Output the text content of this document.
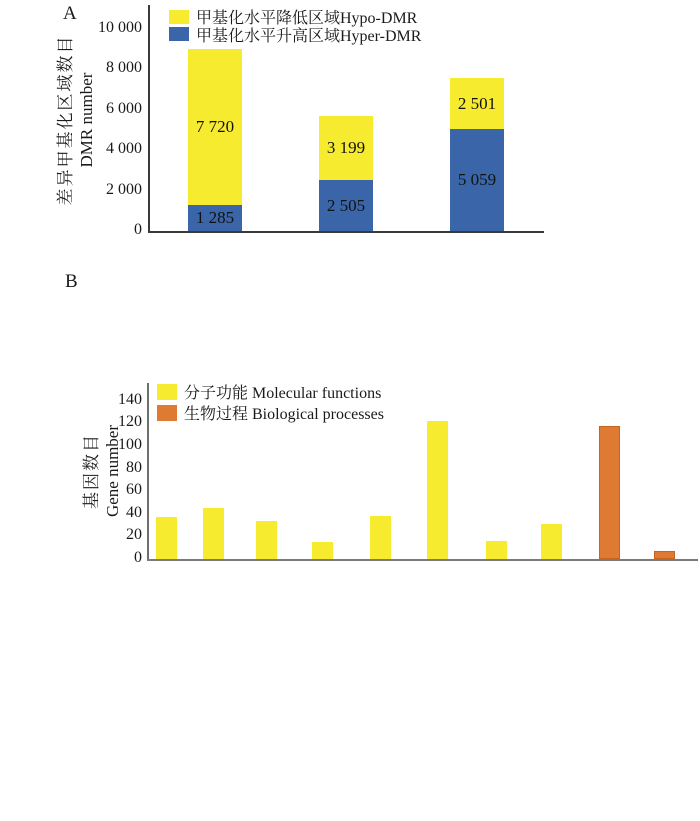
A
B
差异甲基化区域数目 DMR number
0
2 000
4 000
6 000
8 000
10 000
1 285
7 720
2 505
3 199
5 059
2 501
甲基化水平降低区域Hypo-DMR
甲基化水平升高区域Hyper-DMR
基因数目 Gene number
0
20
40
60
80
100
120
140	分子功能 Molecular functions
生物过程 Biological processes
